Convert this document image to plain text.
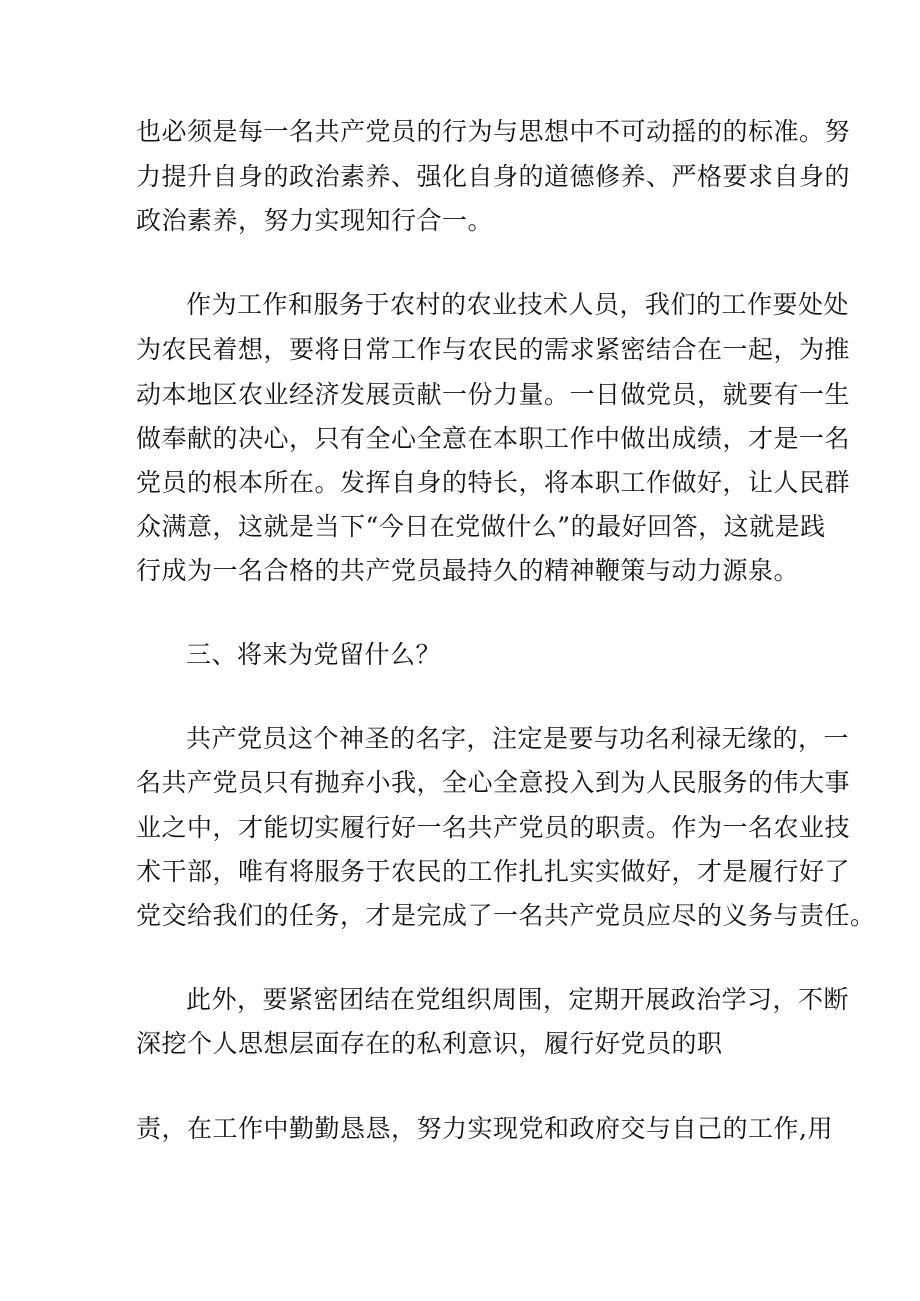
也必须是每一名共产党员的行为与思想中不可动摇的的标准。努
力提升自身的政治素养、强化自身的道德修养、严格要求自身的
政治素养，努力实现知行合一。
作为工作和服务于农村的农业技术人员，我们的工作要处处
为农民着想，要将日常工作与农民的需求紧密结合在一起，为推
动本地区农业经济发展贡献一份力量。一日做党员，就要有一生
做奉献的决心，只有全心全意在本职工作中做出成绩，才是一名
党员的根本所在。发挥自身的特长，将本职工作做好，让人民群
众满意，这就是当下“今日在党做什么”的最好回答，这就是践
行成为一名合格的共产党员最持久的精神鞭策与动力源泉。
三、将来为党留什么？
共产党员这个神圣的名字，注定是要与功名利禄无缘的，一
名共产党员只有抛弃小我，全心全意投入到为人民服务的伟大事
业之中，才能切实履行好一名共产党员的职责。作为一名农业技
术干部，唯有将服务于农民的工作扎扎实实做好，才是履行好了
党交给我们的任务，才是完成了一名共产党员应尽的义务与责任。
此外，要紧密团结在党组织周围，定期开展政治学习，不断
深挖个人思想层面存在的私利意识，履行好党员的职
责，在工作中勤勤恳恳，努力实现党和政府交与自己的工作,用
